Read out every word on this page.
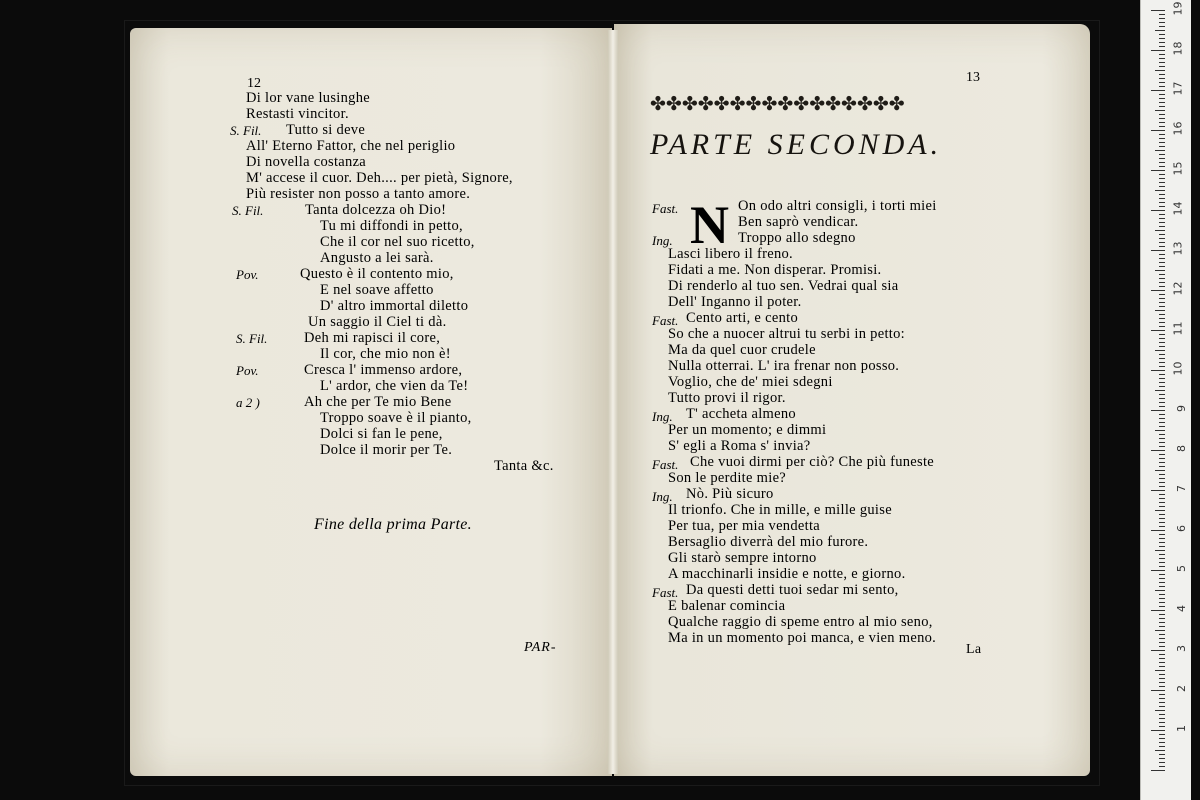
12
Di lor vane lusinghe
Restasti vincitor.
S. Fil. Tutto si deve
All' Eterno Fattor, che nel periglio
Di novella costanza
M' accese il cuor. Deh.... per pietà, Signore,
Più resister non posso a tanto amore.
S. Fil.	Tanta dolcezza oh Dio!
Tu mi diffondi in petto,
Che il cor nel suo ricetto,
Angusto a lei sarà.
Pov.	Questo è il contento mio,
E nel soave affetto
D' altro immortal diletto
Un saggio il Ciel ti dà.
S. Fil.	Deh mi rapisci il core,
Il cor, che mio non è!
Pov.	Cresca l' immenso ardore,
L' ardor, che vien da Te!
a 2 )	Ah che per Te mio Bene
Troppo soave è il pianto,
Dolci si fan le pene,
Dolce il morir per Te.
Tanta &c.
Fine della prima Parte.
PAR-
13
✤✤✤✤✤✤✤✤✤✤✤✤✤✤✤✤
PARTE SECONDA.
N
Fast.	On odo altri consigli, i torti miei
Ben saprò vendicar.
Ing.	Troppo allo sdegno
Lasci libero il freno.
Fidati a me. Non disperar. Promisi.
Di renderlo al tuo sen. Vedrai qual sia
Dell' Inganno il poter.
Fast. Cento arti, e cento
So che a nuocer altrui tu serbi in petto:
Ma da quel cuor crudele
Nulla otterrai. L' ira frenar non posso.
Voglio, che de' miei sdegni
Tutto provi il rigor.
Ing. T' accheta almeno
Per un momento; e dimmi
S' egli a Roma s' invia?
Fast. Che vuoi dirmi per ciò? Che più funeste
Son le perdite mie?
Ing. Nò. Più sicuro
Il trionfo. Che in mille, e mille guise
Per tua, per mia vendetta
Bersaglio diverrà del mio furore.
Gli starò sempre intorno
A macchinarli insidie e notte, e giorno.
Fast. Da questi detti tuoi sedar mi sento,
E balenar comincia
Qualche raggio di speme entro al mio seno,
Ma in un momento poi manca, e vien meno.
La
1
2
3
4
5
6
7
8
9
10
11
12
13
14
15
16
17
18
19
